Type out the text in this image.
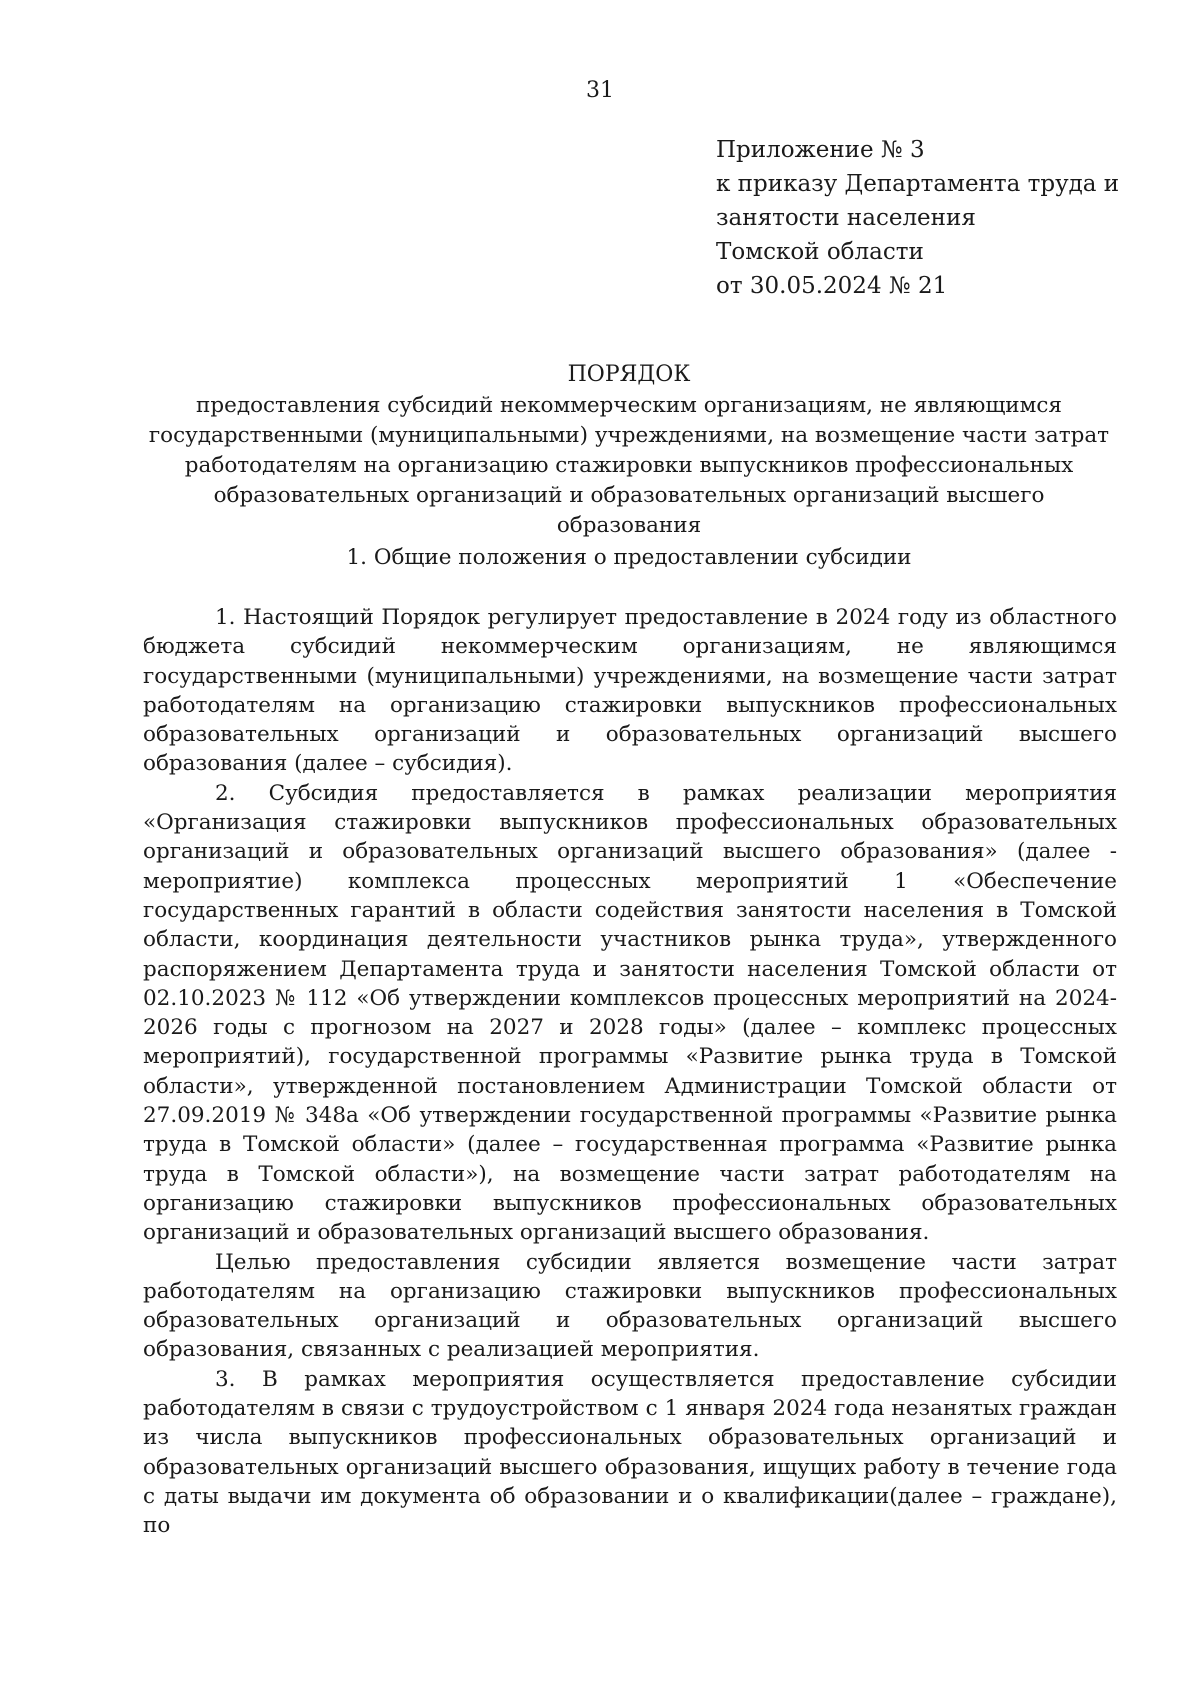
31
Приложение № 3
к приказу Департамента труда и
занятости населения
Томской области
от 30.05.2024 № 21
ПОРЯДОК
предоставления субсидий некоммерческим организациям, не являющимся государственными (муниципальными) учреждениями, на возмещение части затрат работодателям на организацию стажировки выпускников профессиональных образовательных организаций и образовательных организаций высшего образования
1. Общие положения о предоставлении субсидии

1. Настоящий Порядок регулирует предоставление в 2024 году из областного бюджета субсидий некоммерческим организациям, не являющимся государственными (муниципальными) учреждениями, на возмещение части затрат работодателям на организацию стажировки выпускников профессиональных образовательных организаций и образовательных организаций высшего образования (далее – субсидия).

2. Субсидия предоставляется в рамках реализации мероприятия «Организация стажировки выпускников профессиональных образовательных организаций и образовательных организаций высшего образования» (далее - мероприятие) комплекса процессных мероприятий 1 «Обеспечение государственных гарантий в области содействия занятости населения в Томской области, координация деятельности участников рынка труда», утвержденного распоряжением Департамента труда и занятости населения Томской области от 02.10.2023 № 112 «Об утверждении комплексов процессных мероприятий на 2024-2026 годы с прогнозом на 2027 и 2028 годы» (далее – комплекс процессных мероприятий), государственной программы «Развитие рынка труда в Томской области», утвержденной постановлением Администрации Томской области от 27.09.2019 № 348а «Об утверждении государственной программы «Развитие рынка труда в Томской области» (далее – государственная программа «Развитие рынка труда в Томской области»), на возмещение части затрат работодателям на организацию стажировки выпускников профессиональных образовательных организаций и образовательных организаций высшего образования.

Целью предоставления субсидии является возмещение части затрат работодателям на организацию стажировки выпускников профессиональных образовательных организаций и образовательных организаций высшего образования, связанных с реализацией мероприятия.

3. В рамках мероприятия осуществляется предоставление субсидии работодателям в связи с трудоустройством с 1 января 2024 года незанятых граждан из числа выпускников профессиональных образовательных организаций и образовательных организаций высшего образования, ищущих работу в течение года с даты выдачи им документа об образовании и о квалификации(далее – граждане), по
